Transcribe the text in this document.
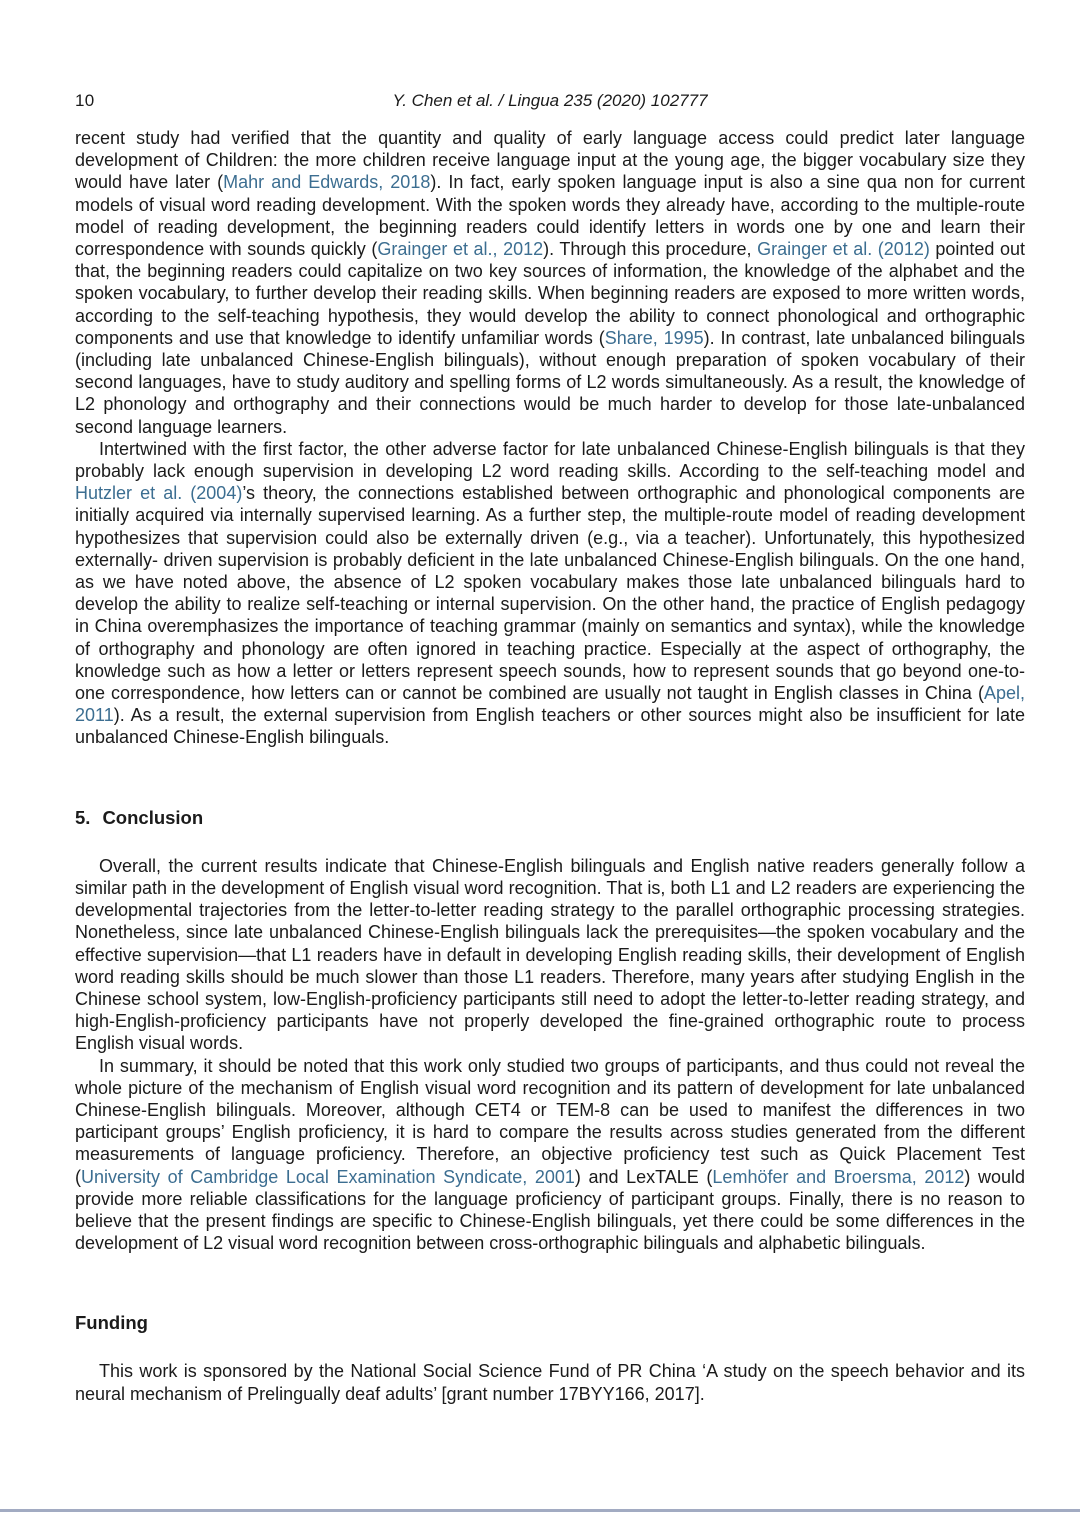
10	Y. Chen et al. / Lingua 235 (2020) 102777

recent study had verified that the quantity and quality of early language access could predict later language development of Children: the more children receive language input at the young age, the bigger vocabulary size they would have later (Mahr and Edwards, 2018). In fact, early spoken language input is also a sine qua non for current models of visual word reading development. With the spoken words they already have, according to the multiple-route model of reading development, the beginning readers could identify letters in words one by one and learn their correspondence with sounds quickly (Grainger et al., 2012). Through this procedure, Grainger et al. (2012) pointed out that, the beginning readers could capitalize on two key sources of information, the knowledge of the alphabet and the spoken vocabulary, to further develop their reading skills. When beginning readers are exposed to more written words, according to the self-teaching hypothesis, they would develop the ability to connect phonological and orthographic components and use that knowledge to identify unfamiliar words (Share, 1995). In contrast, late unbalanced bilinguals (including late unbalanced Chinese-English bilinguals), without enough preparation of spoken vocabulary of their second languages, have to study auditory and spelling forms of L2 words simultaneously. As a result, the knowledge of L2 phonology and orthography and their connections would be much harder to develop for those late-unbalanced second language learners.

Intertwined with the first factor, the other adverse factor for late unbalanced Chinese-English bilinguals is that they probably lack enough supervision in developing L2 word reading skills. According to the self-teaching model and Hutzler et al. (2004)’s theory, the connections established between orthographic and phonological components are initially acquired via internally supervised learning. As a further step, the multiple-route model of reading development hypothesizes that supervision could also be externally driven (e.g., via a teacher). Unfortunately, this hypothesized externally- driven supervision is probably deficient in the late unbalanced Chinese-English bilinguals. On the one hand, as we have noted above, the absence of L2 spoken vocabulary makes those late unbalanced bilinguals hard to develop the ability to realize self-teaching or internal supervision. On the other hand, the practice of English pedagogy in China overemphasizes the importance of teaching grammar (mainly on semantics and syntax), while the knowledge of orthography and phonology are often ignored in teaching practice. Especially at the aspect of orthography, the knowledge such as how a letter or letters represent speech sounds, how to represent sounds that go beyond one-to-one correspondence, how letters can or cannot be combined are usually not taught in English classes in China (Apel, 2011). As a result, the external supervision from English teachers or other sources might also be insufficient for late unbalanced Chinese-English bilinguals.

5. Conclusion

Overall, the current results indicate that Chinese-English bilinguals and English native readers generally follow a similar path in the development of English visual word recognition. That is, both L1 and L2 readers are experiencing the developmental trajectories from the letter-to-letter reading strategy to the parallel orthographic processing strategies. Nonetheless, since late unbalanced Chinese-English bilinguals lack the prerequisites—the spoken vocabulary and the effective supervision—that L1 readers have in default in developing English reading skills, their development of English word reading skills should be much slower than those L1 readers. Therefore, many years after studying English in the Chinese school system, low-English-proficiency participants still need to adopt the letter-to-letter reading strategy, and high-English-proficiency participants have not properly developed the fine-grained orthographic route to process English visual words.

In summary, it should be noted that this work only studied two groups of participants, and thus could not reveal the whole picture of the mechanism of English visual word recognition and its pattern of development for late unbalanced Chinese-English bilinguals. Moreover, although CET4 or TEM-8 can be used to manifest the differences in two participant groups’ English proficiency, it is hard to compare the results across studies generated from the different measurements of language proficiency. Therefore, an objective proficiency test such as Quick Placement Test (University of Cambridge Local Examination Syndicate, 2001) and LexTALE (Lemhöfer and Broersma, 2012) would provide more reliable classifications for the language proficiency of participant groups. Finally, there is no reason to believe that the present findings are specific to Chinese-English bilinguals, yet there could be some differences in the development of L2 visual word recognition between cross-orthographic bilinguals and alphabetic bilinguals.

Funding

This work is sponsored by the National Social Science Fund of PR China ‘A study on the speech behavior and its neural mechanism of Prelingually deaf adults’ [grant number 17BYY166, 2017].
